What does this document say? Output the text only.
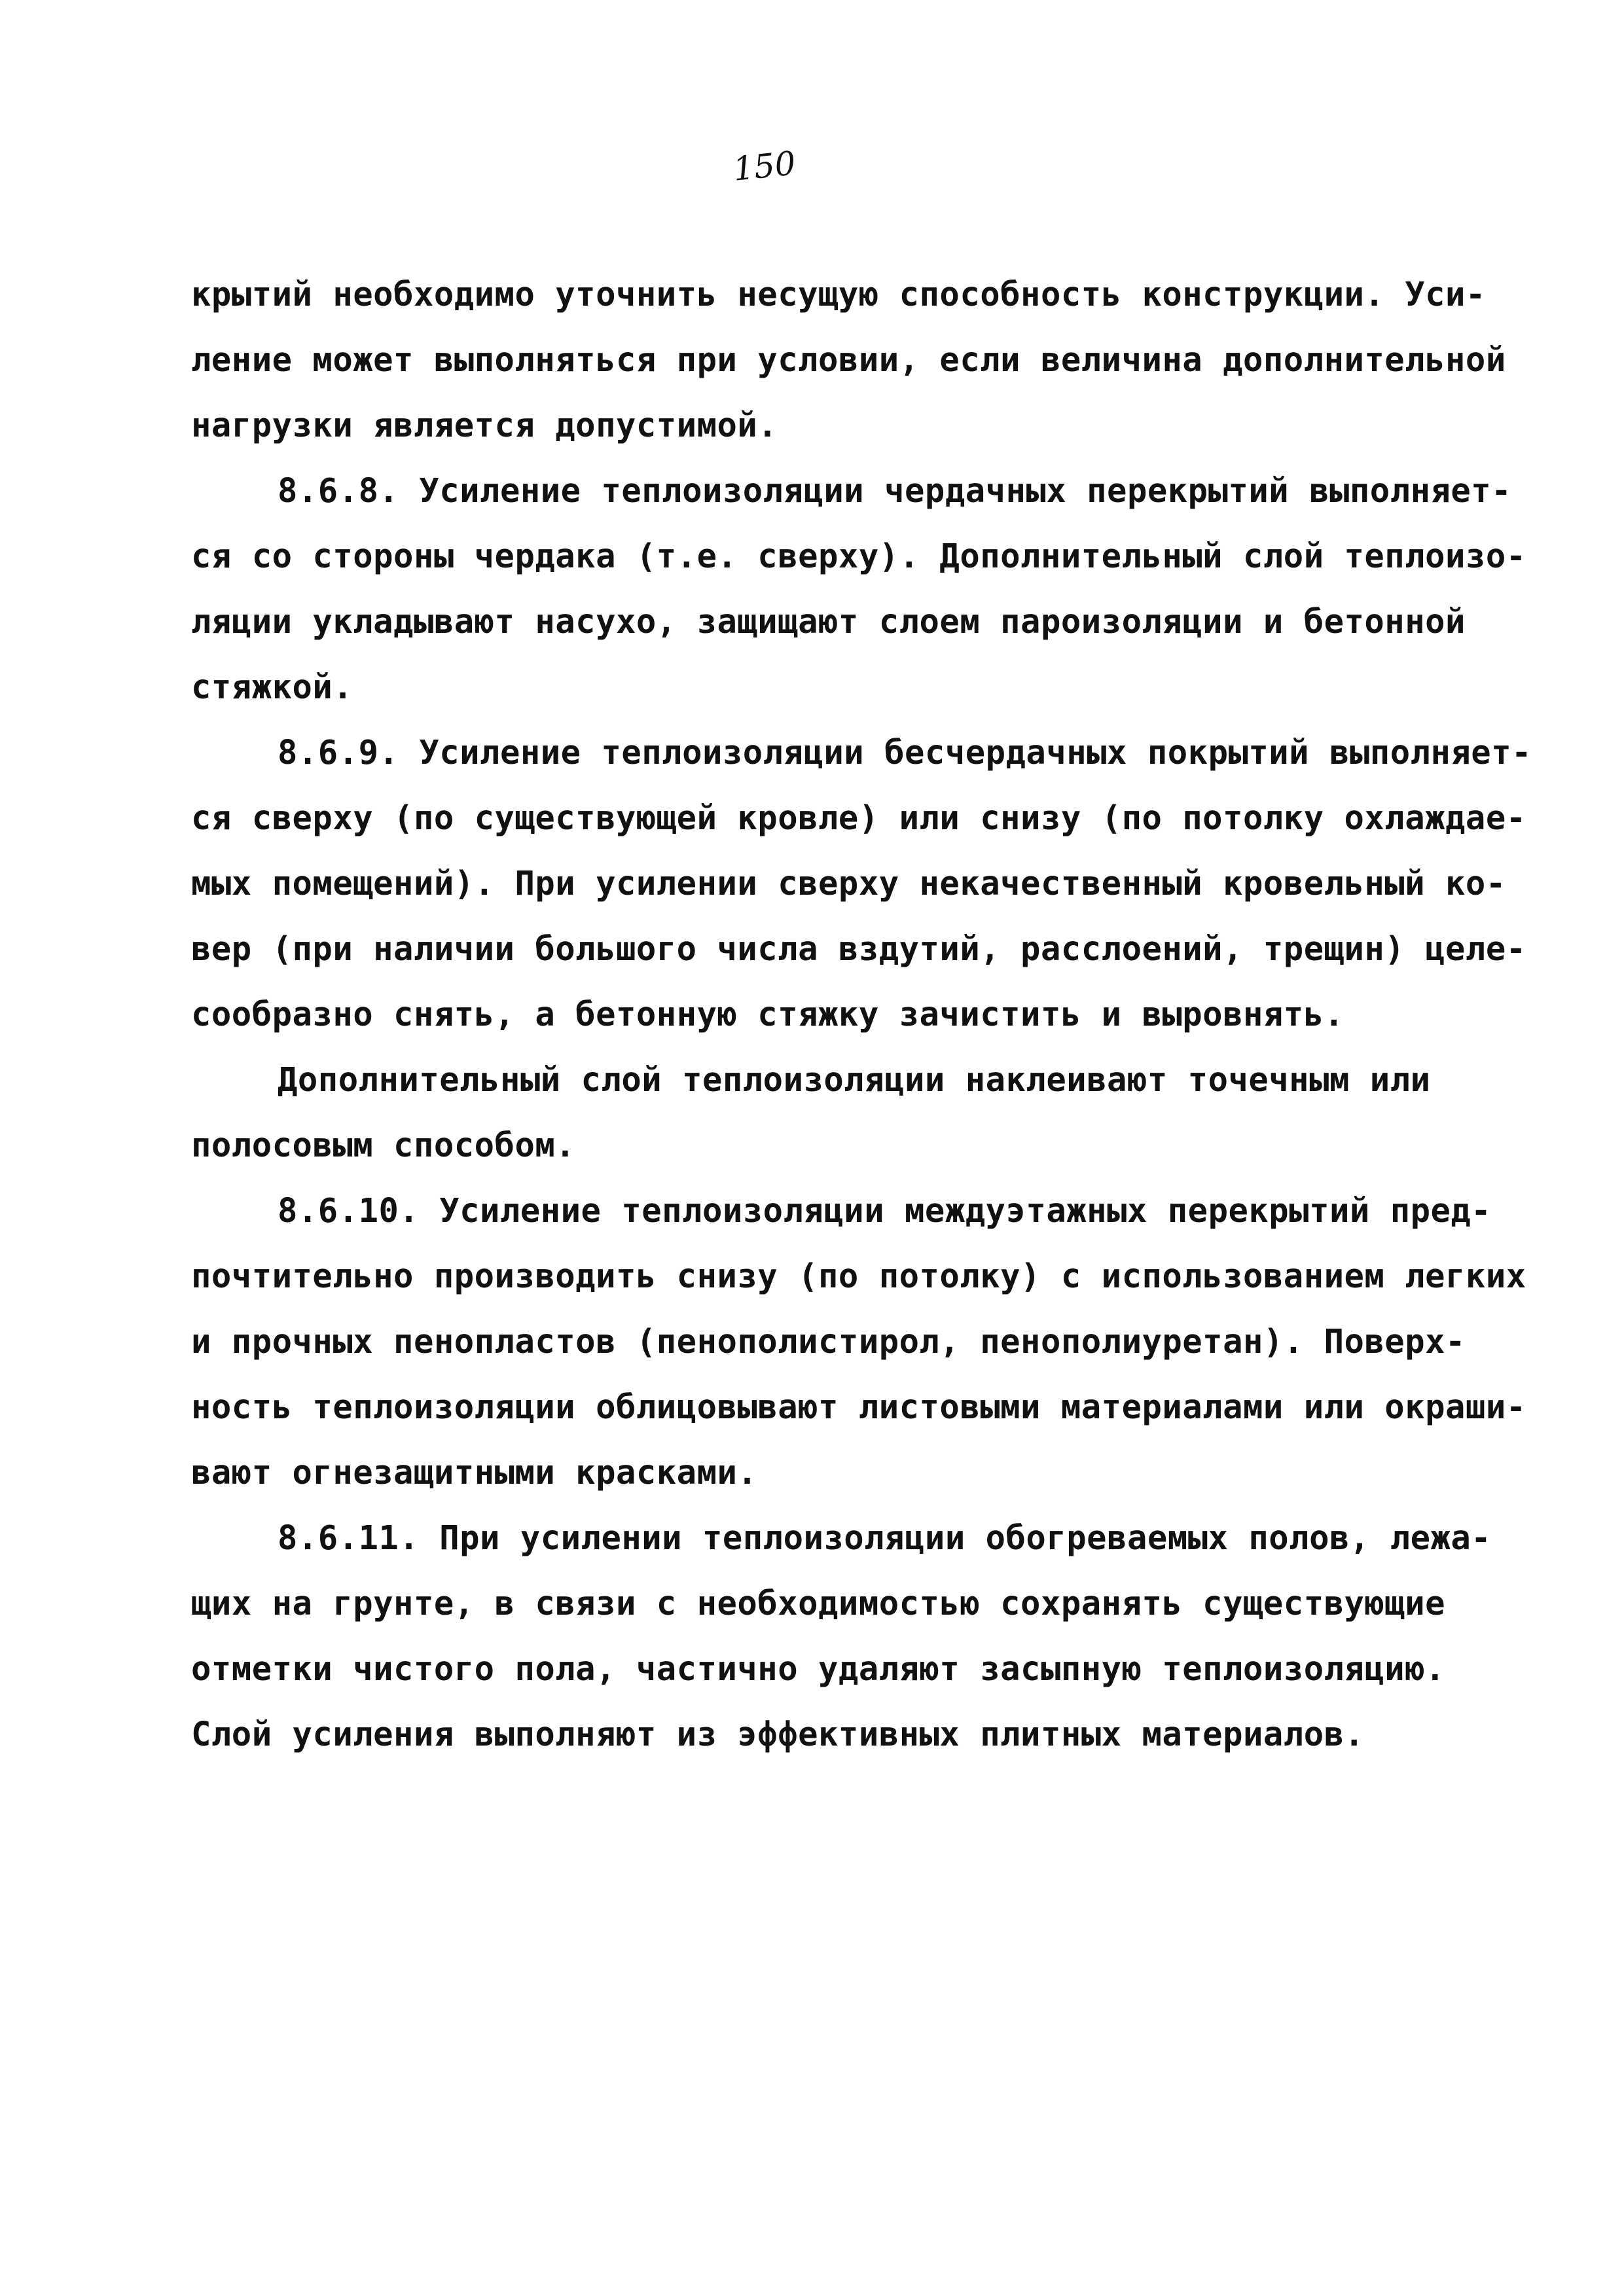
150
крытий необходимо уточнить несущую способность конструкции. Уси-
ление может выполняться при условии, если величина дополнительной
нагрузки является допустимой.
8.6.8. Усиление теплоизоляции чердачных перекрытий выполняет-
ся со стороны чердака (т.е. сверху). Дополнительный слой теплоизо-
ляции укладывают насухо, защищают слоем пароизоляции и бетонной
стяжкой.
8.6.9. Усиление теплоизоляции бесчердачных покрытий выполняет-
ся сверху (по существующей кровле) или снизу (по потолку охлаждае-
мых помещений). При усилении сверху некачественный кровельный ко-
вер (при наличии большого числа вздутий, расслоений, трещин) целе-
сообразно снять, а бетонную стяжку зачистить и выровнять.
Дополнительный слой теплоизоляции наклеивают точечным или
полосовым способом.
8.6.10. Усиление теплоизоляции междуэтажных перекрытий пред-
почтительно производить снизу (по потолку) с использованием легких
и прочных пенопластов (пенополистирол, пенополиуретан). Поверх-
ность теплоизоляции облицовывают листовыми материалами или окраши-
вают огнезащитными красками.
8.6.11. При усилении теплоизоляции обогреваемых полов, лежа-
щих на грунте, в связи с необходимостью сохранять существующие
отметки чистого пола, частично удаляют засыпную теплоизоляцию.
Слой усиления выполняют из эффективных плитных материалов.
